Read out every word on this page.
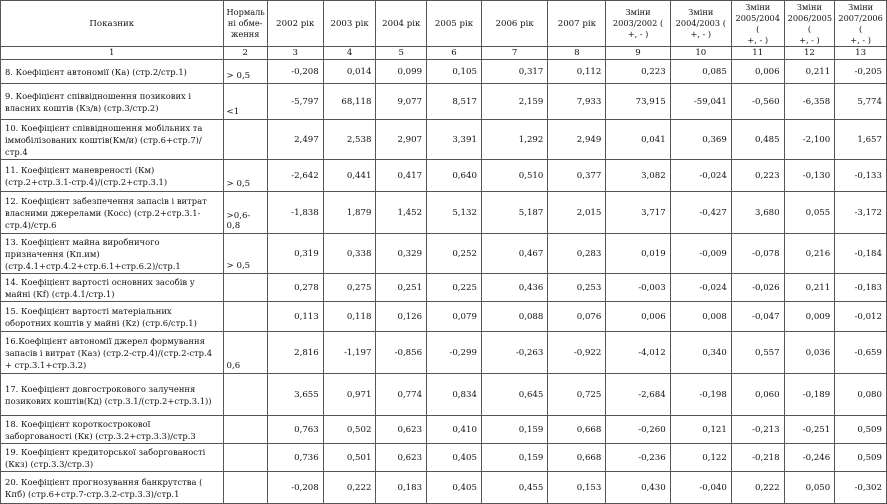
Показник	Нормаль
ні обме-
ження	2002 рік	2003 рік	2004 рік	2005 рік	2006 рік	2007 рік	Зміни
2003/2002 (
+, - )	Зміни
2004/2003 (
+, - )	Зміни
2005/2004 (
+, - )	Зміни
2006/2005 (
+, - )	Зміни
2007/2006 (
+, - )
1	2	3	4	5	6	7	8	9	10	11	12	13
8. Коефіцієнт автономії (Ка) (стр.2/стр.1)	> 0,5	-0,208	0,014	0,099	0,105	0,317	0,112	0,223	0,085	0,006	0,211	-0,205
9. Коефіцієнт співвідношення позикових і власних коштів (Кз/в) (стр.3/стр.2)	<1	-5,797	68,118	9,077	8,517	2,159	7,933	73,915	-59,041	-0,560	-6,358	5,774
10. Коефіцієнт співвідношення мобільних та іммобілізованих коштів(Км/и) (стр.6+стр.7)/стр.4		2,497	2,538	2,907	3,391	1,292	2,949	0,041	0,369	0,485	-2,100	1,657
11. Коефіцієнт маневреності (Км) (стр.2+стр.3.1-стр.4)/(стр.2+стр.3.1)	> 0,5	-2,642	0,441	0,417	0,640	0,510	0,377	3,082	-0,024	0,223	-0,130	-0,133
12. Коефіцієнт забезпечення запасів і витрат власними джерелами (Косс) (стр.2+стр.3.1-стр.4)/стр.6	>0,6-0,8	-1,838	1,879	1,452	5,132	5,187	2,015	3,717	-0,427	3,680	0,055	-3,172
13. Коефіцієнт майна виробничого призначення (Кп.им) (стр.4.1+стр.4.2+стр.6.1+стр.6.2)/стр.1	> 0,5	0,319	0,338	0,329	0,252	0,467	0,283	0,019	-0,009	-0,078	0,216	-0,184
14. Коефіцієнт вартості основних засобів у майні (Кf) (стр.4.1/стр.1)		0,278	0,275	0,251	0,225	0,436	0,253	-0,003	-0,024	-0,026	0,211	-0,183
15. Коефіцієнт вартості матеріальних оборотних коштів у майні (Кz) (стр.6/стр.1)		0,113	0,118	0,126	0,079	0,088	0,076	0,006	0,008	-0,047	0,009	-0,012
16.Коефіцієнт автономії джерел формування запасів і витрат (Каз) (стр.2-стр.4)/(стр.2-стр.4 + стр.3.1+стр.3.2)	0,6	2,816	-1,197	-0,856	-0,299	-0,263	-0,922	-4,012	0,340	0,557	0,036	-0,659
17. Коефіцієнт довгострокового залучення позикових коштів(Кд) (стр.3.1/(стр.2+стр.3.1))		3,655	0,971	0,774	0,834	0,645	0,725	-2,684	-0,198	0,060	-0,189	0,080
18. Коефіцієнт короткострокової заборгованості (Кк) (стр.3.2+стр.3.3)/стр.3		0,763	0,502	0,623	0,410	0,159	0,668	-0,260	0,121	-0,213	-0,251	0,509
19. Коефіцієнт кредиторської заборгованості (Ккз) (стр.3.3/стр.3)		0,736	0,501	0,623	0,405	0,159	0,668	-0,236	0,122	-0,218	-0,246	0,509
20. Коефіцієнт прогнозування банкрутства ( Кпб) (стр.6+стр.7-стр.3.2-стр.3.3)/стр.1		-0,208	0,222	0,183	0,405	0,455	0,153	0,430	-0,040	0,222	0,050	-0,302
